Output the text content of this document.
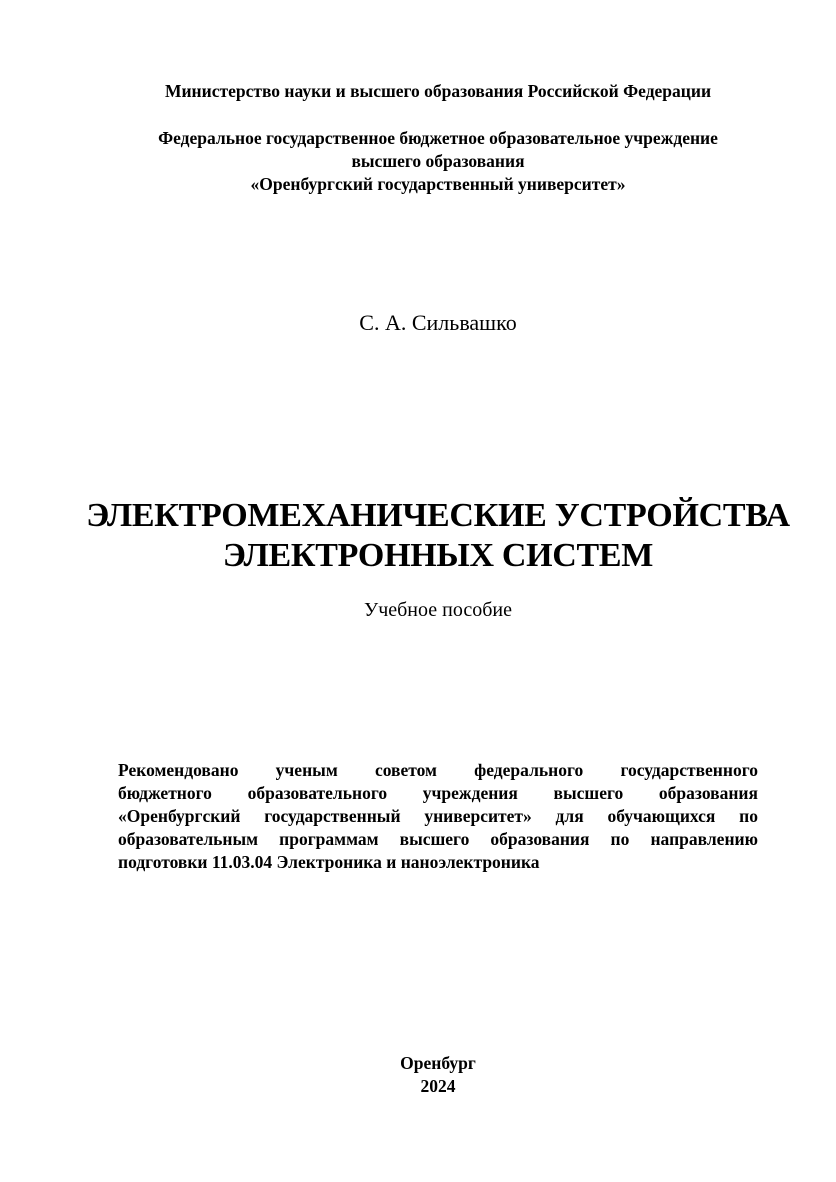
Министерство науки и высшего образования Российской Федерации
Федеральное государственное бюджетное образовательное учреждение
высшего образования
«Оренбургский государственный университет»
С. А. Сильвашко
ЭЛЕКТРОМЕХАНИЧЕСКИЕ УСТРОЙСТВА
ЭЛЕКТРОННЫХ СИСТЕМ
Учебное пособие
Рекомендовано ученым советом федерального государственного
бюджетного образовательного учреждения высшего образования
«Оренбургский государственный университет» для обучающихся по
образовательным программам высшего образования по направлению
подготовки 11.03.04 Электроника и наноэлектроника
Оренбург
2024
